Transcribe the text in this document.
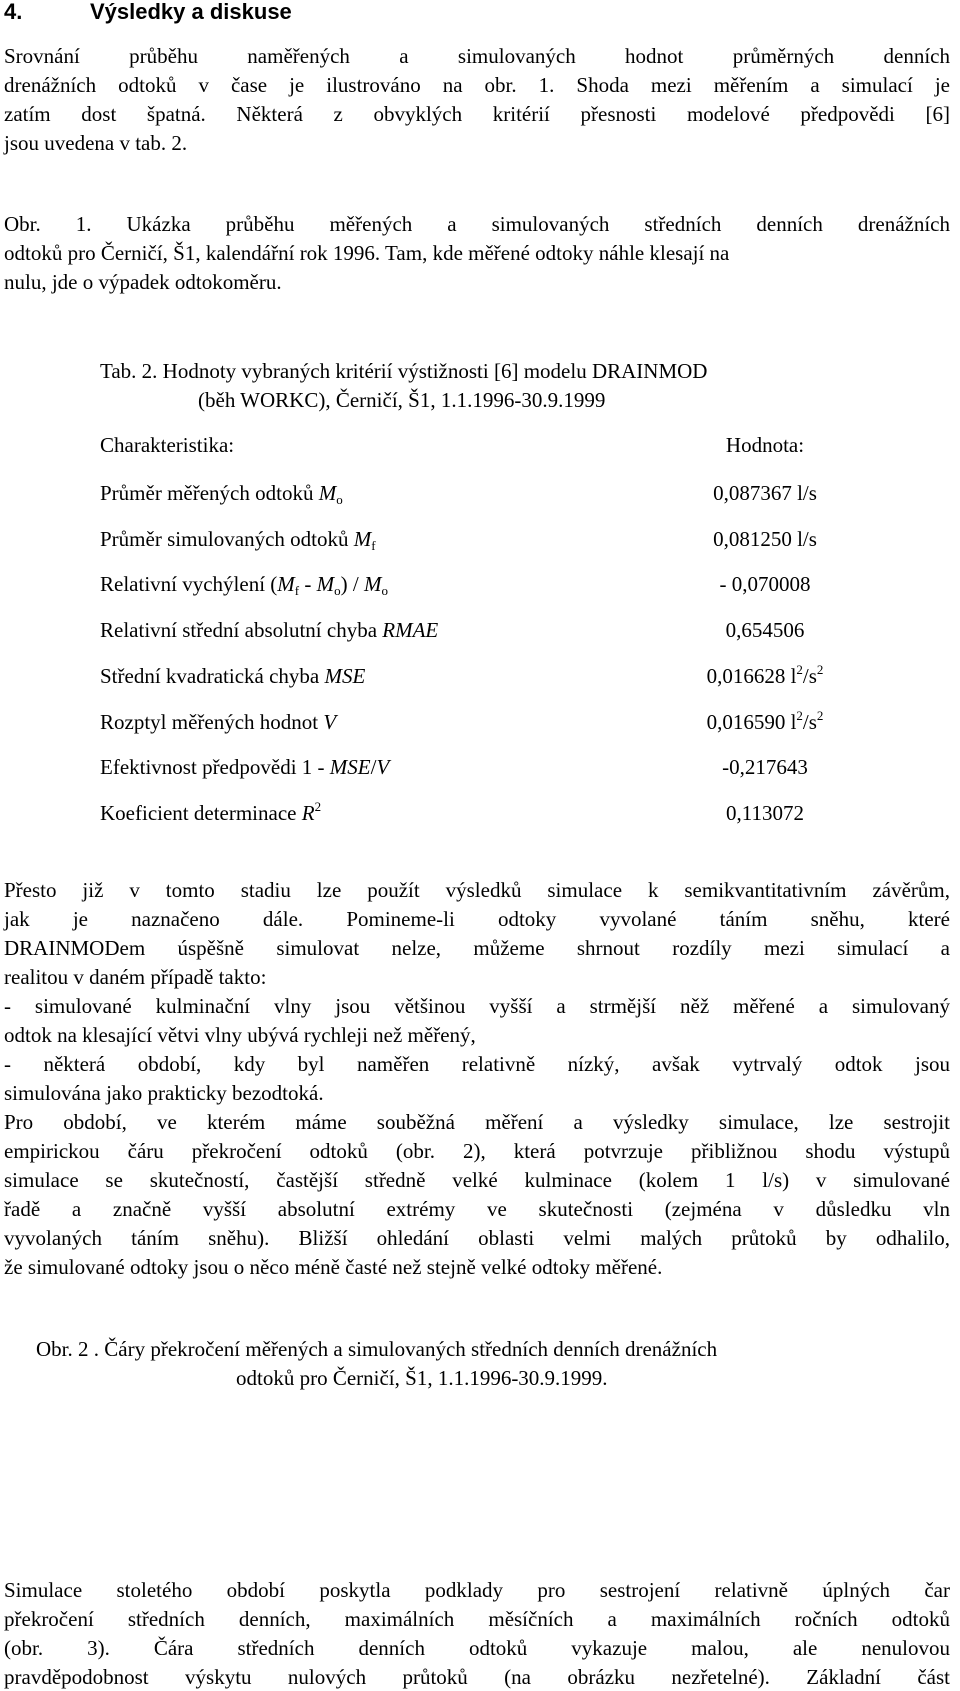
4.	Výsledky a diskuse
Srovnání průběhu naměřených a simulovaných hodnot průměrných denních
drenážních odtoků v čase je ilustrováno na obr. 1. Shoda mezi měřením a simulací je
zatím dost špatná. Některá z obvyklých kritérií přesnosti modelové předpovědi [6]
jsou uvedena v tab. 2.
Obr. 1. Ukázka průběhu měřených a simulovaných středních denních drenážních
odtoků pro Černičí, Š1, kalendářní rok 1996. Tam, kde měřené odtoky náhle klesají na
nulu, jde o výpadek odtokoměru.
Tab. 2. Hodnoty vybraných kritérií výstižnosti [6] modelu DRAINMOD
(běh WORKC), Černičí, Š1, 1.1.1996-30.9.1999
Charakteristika:	Hodnota:
Průměr měřených odtoků $M_o$	0,087367 l/s
Průměr simulovaných odtoků $M_f$	0,081250 l/s
Relativní vychýlení $(M_f - M_o) / M_o$	- 0,070008
Relativní střední absolutní chyba RMAE	0,654506
Střední kvadratická chyba MSE	0,016628 $l^2/s^2$
Rozptyl měřených hodnot V	0,016590 $l^2/s^2$
Efektivnost předpovědi 1 - MSE/V	-0,217643
Koeficient determinace $R^2$	0,113072
Přesto již v tomto stadiu lze použít výsledků simulace k semikvantitativním závěrům,
jak je naznačeno dále. Pomineme-li odtoky vyvolané táním sněhu, které
DRAINMODem úspěšně simulovat nelze, můžeme shrnout rozdíly mezi simulací a
realitou v daném případě takto:
- simulované kulminační vlny jsou většinou vyšší a strmější něž měřené a simulovaný
odtok na klesající větvi vlny ubývá rychleji než měřený,
- některá období, kdy byl naměřen relativně nízký, avšak vytrvalý odtok jsou
simulována jako prakticky bezodtoká.
Pro období, ve kterém máme souběžná měření a výsledky simulace, lze sestrojit
empirickou čáru překročení odtoků (obr. 2), která potvrzuje přibližnou shodu výstupů
simulace se skutečností, častější středně velké kulminace (kolem 1 l/s) v simulované
řadě a značně vyšší absolutní extrémy ve skutečnosti (zejména v důsledku vln
vyvolaných táním sněhu). Bližší ohledání oblasti velmi malých průtoků by odhalilo,
že simulované odtoky jsou o něco méně časté než stejně velké odtoky měřené.
Obr. 2 . Čáry překročení měřených a simulovaných středních denních drenážních
odtoků pro Černičí, Š1, 1.1.1996-30.9.1999.
Simulace stoletého období poskytla podklady pro sestrojení relativně úplných čar
překročení středních denních, maximálních měsíčních a maximálních ročních odtoků
(obr. 3). Čára středních denních odtoků vykazuje malou, ale nenulovou
pravděpodobnost výskytu nulových průtoků (na obrázku nezřetelné). Základní část
